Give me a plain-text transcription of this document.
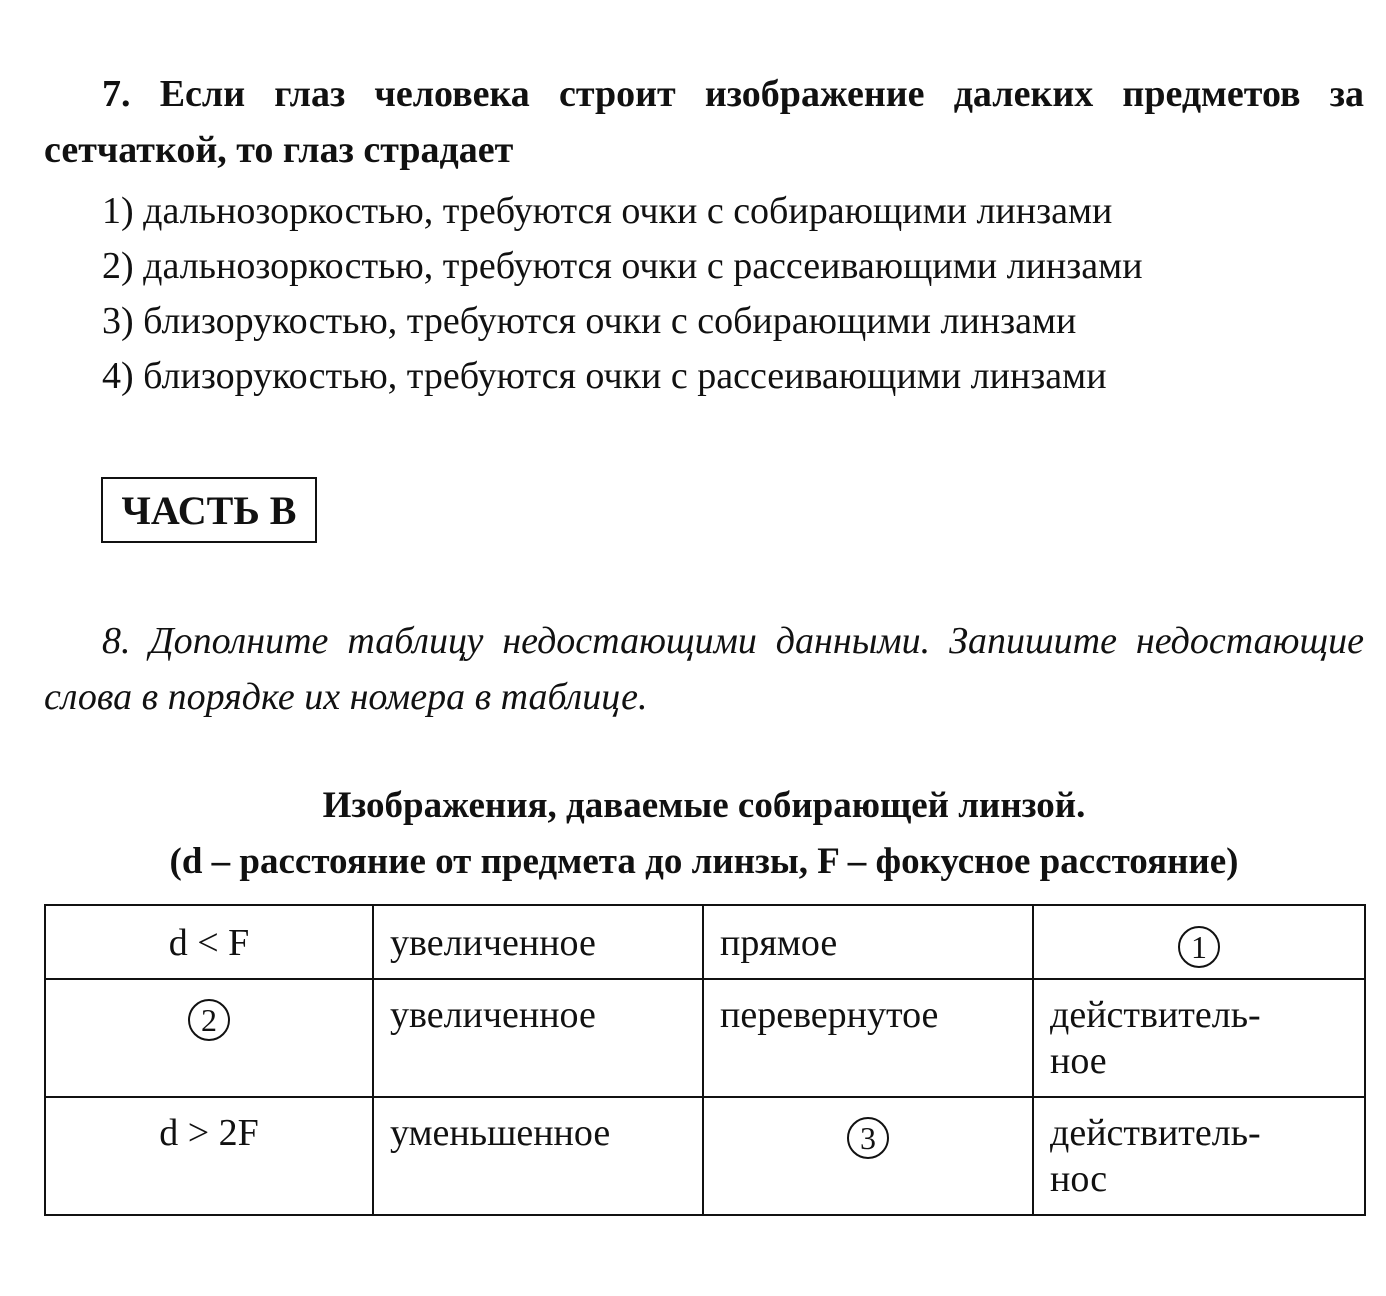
7. Если глаз человека строит изображение далеких предметов за сетчаткой, то глаз страдает

1) дальнозоркостью, требуются очки с собирающими линзами
2) дальнозоркостью, требуются очки с рассеивающими линзами
3) близорукостью, требуются очки с собирающими линзами
4) близорукостью, требуются очки с рассеивающими линзами
ЧАСТЬ В

8. Дополните таблицу недостающими данными. Запишите недостающие слова в порядке их номера в таблице.

Изображения, даваемые собирающей линзой.
(d – расстояние от предмета до линзы, F – фокусное расстояние)
d < F	увеличенное	прямое	1
2	увеличенное	перевернутое	действитель-
ное

d > 2F	уменьшенное	3	действитель-
нос
